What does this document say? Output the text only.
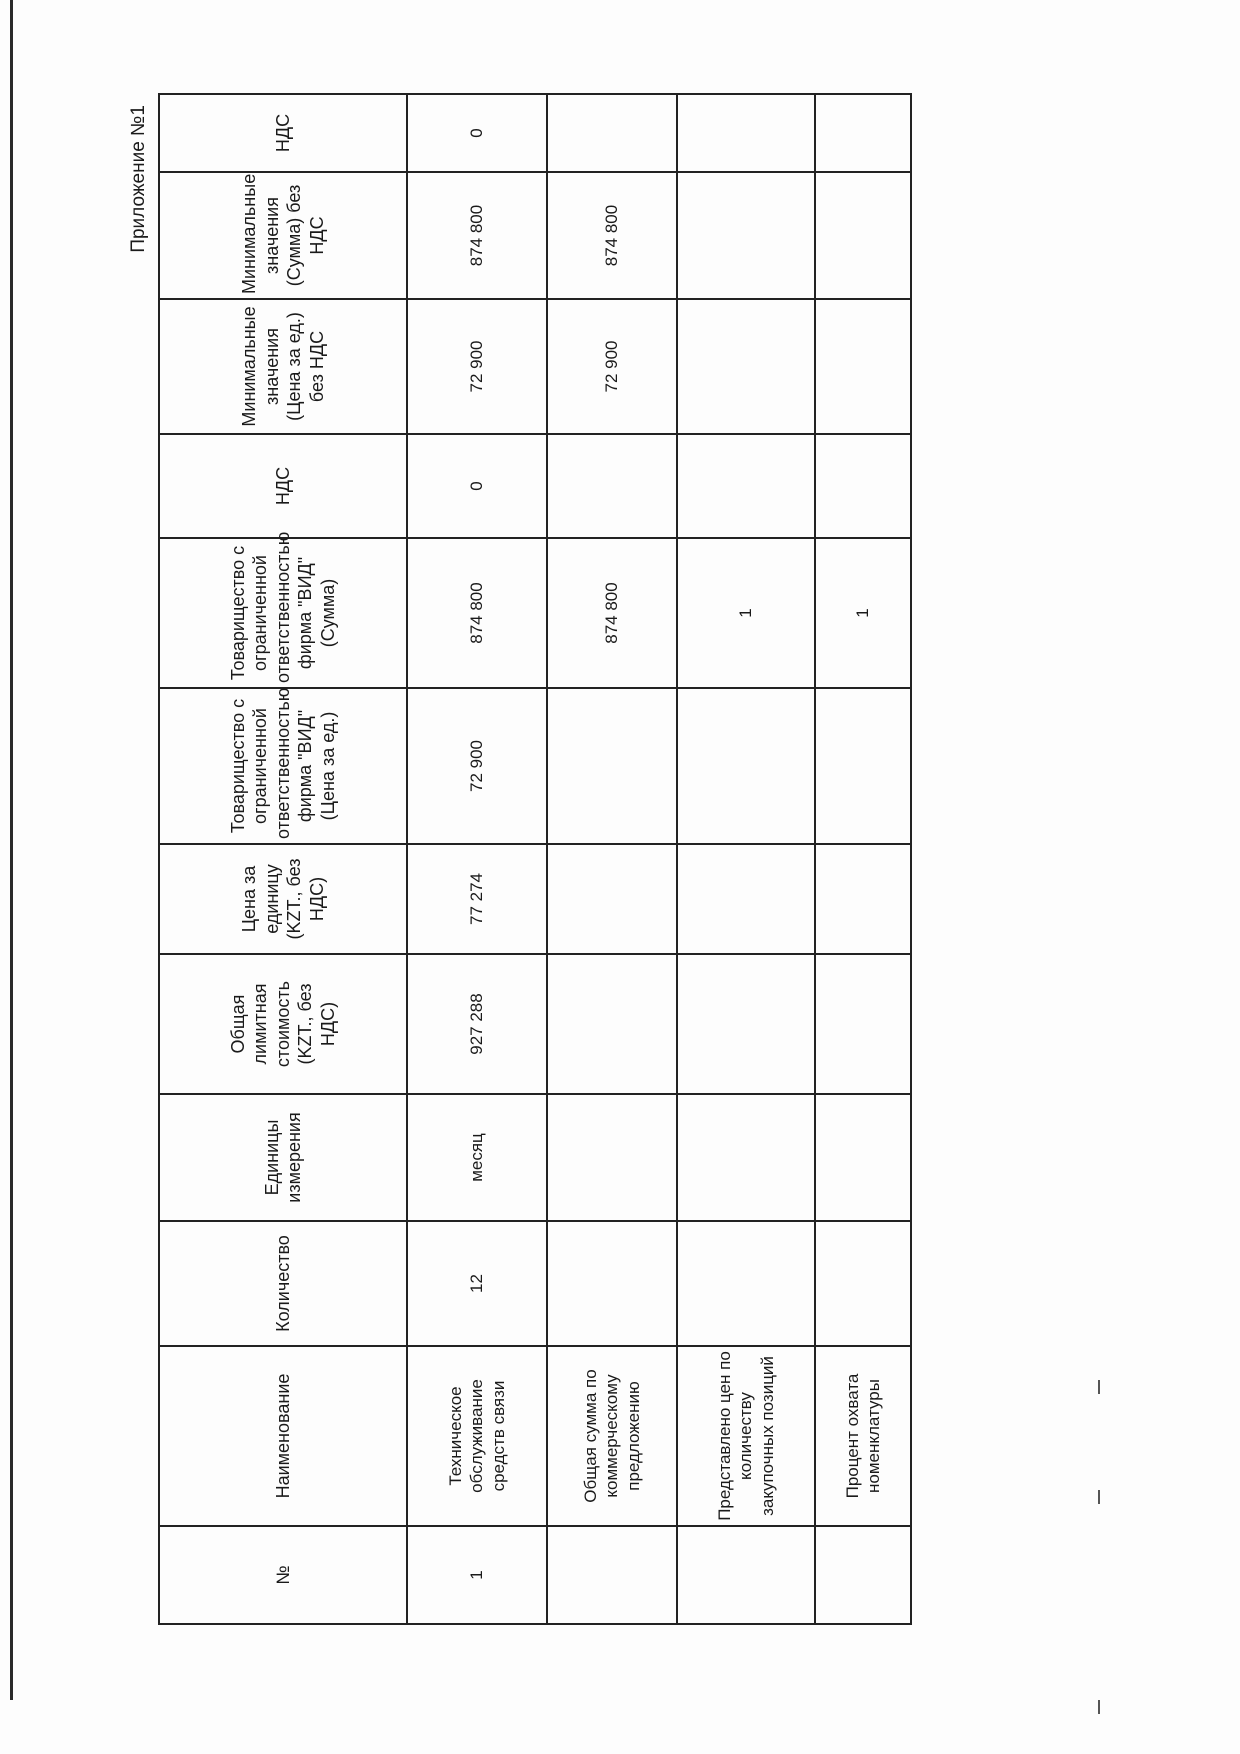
Приложение №1
№	Наименование	Количество	Единицы измерения	Общая лимитная стоимость (KZT., без НДС)	Цена за единицу (KZT., без НДС)	Товарищество с ограниченной ответственностью фирма "ВИД" (Цена за ед.)	Товарищество с ограниченной ответственностью фирма "ВИД" (Сумма)	НДС	Минимальные значения (Цена за ед.) без НДС	Минимальные значения (Сумма) без НДС	НДС
1	Техническое обслуживание средств связи	12	месяц	927 288	77 274	72 900	874 800	0	72 900	874 800	0
	Общая сумма по коммерческому предложению						874 800		72 900	874 800	
	Представлено цен по количеству закупочных позиций						1				
	Процент охвата номенклатуры						1				
